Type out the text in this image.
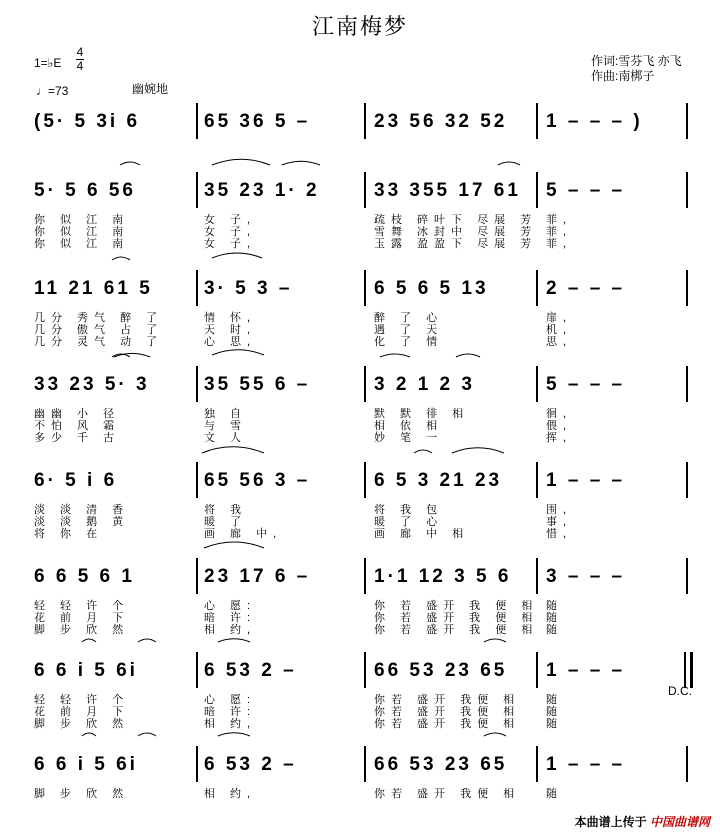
江南梅梦
1=♭E
4
4
♩=73	幽婉地
作词:雪芬飞 亦飞
作曲:南梆子
(5· 5 3i 6	65 36 5 –	23 56 32 52 1 – – – )
5· 5 6 56	35 23 1· 2	33 355 17 61 5 – – –
你 似 江 南	女 子,	疏枝 碎叶下 尽展 芳 菲,
你 似 江 南	女 子,	雪舞 冰封中 尽展 芳 菲,
你 似 江 南	女 子,	玉露 盈盈下 尽展 芳 菲,
11 21 61 5	3· 5 3 –	6 5 6 5 13	2 – – –
几分 秀气 醉 了	情 怀,	醉 了 心	扉,
几分 傲气 占 了	天 时,	遇 了 天	机,
几分 灵气 动 了	心 思,	化 了 情	思,
33 23 5· 3	35 55 6 –	3 2 1 2 3	5 – – –
幽幽 小 径	独 自	默 默 徘 相	徊,
不怕 风 霜	与 雪	相 依 相	偎,
多少 千 古	文 人	妙 笔 一	挥,
6· 5 i 6	65 56 3 –	6 5 3 21 23 1 – – –
淡 淡 清 香	将 我	将 我 包	围,
淡 淡 鹅 黄	暖 了	暖 了 心	事,
将 你 在	画 廊 中,	画 廊 中 相	惜,
6 6 5 6 1	23 17 6 –	1·1 12 3 5 6 3 – – –
轻 轻 许 个	心 愿:	你 若 盛开 我 便 相 随
花 前 月 下	暗 许:	你 若 盛开 我 便 相 随
脚 步 欣 然	相 约,	你 若 盛开 我 便 相 随
6 6 i 5 6i	6 53 2 –	66 53 23 65 1 – – –
轻 轻 许 个	心 愿:	你若 盛开 我便 相 随
花 前 月 下	暗 许:	你若 盛开 我便 相 随
脚 步 欣 然	相 约,	你若 盛开 我便 相 随
6 6 i 5 6i	6 53 2 –	66 53 23 65 1 – – –
脚 步 欣 然	相 约,	你若 盛开 我便 相 随
D.C.
本曲谱上传于 中国曲谱网
